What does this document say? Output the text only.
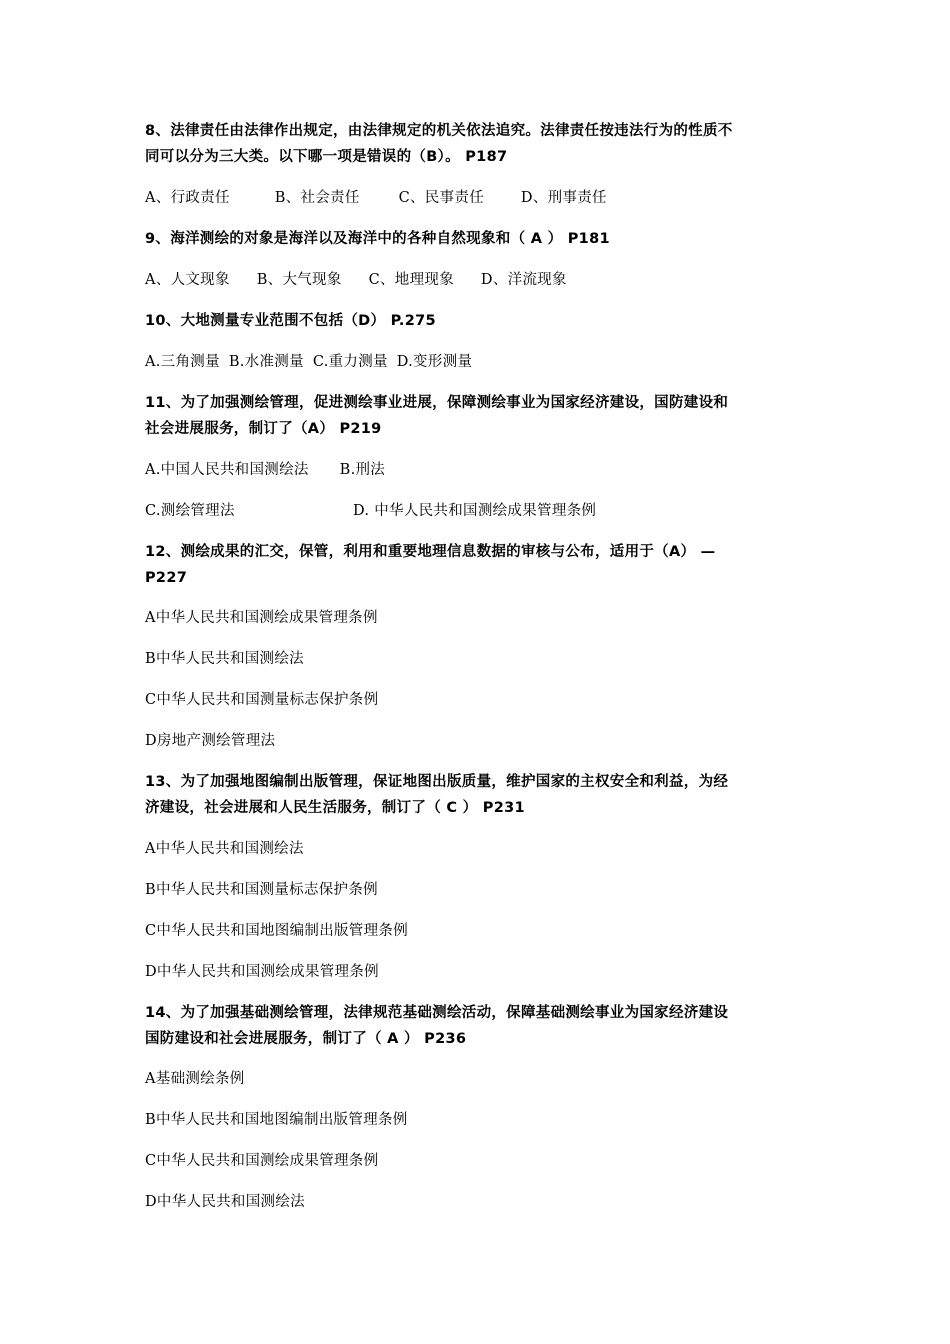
8、法律责任由法律作出规定，由法律规定的机关依法追究。法律责任按违法行为的性质不
同可以分为三大类。以下哪一项是错误的（B）。 P187
A、行政责任	B、社会责任	C、民事责任	D、刑事责任
9、海洋测绘的对象是海洋以及海洋中的各种自然现象和（ A ） P181
A、人文现象 B、大气现象 C、地理现象 D、洋流现象
10、大地测量专业范围不包括（D） P.275
A.三角测量 B.水准测量 C.重力测量 D.变形测量
11、为了加强测绘管理，促进测绘事业进展，保障测绘事业为国家经济建设，国防建设和
社会进展服务，制订了（A） P219
A.中国人民共和国测绘法 B.刑法
C.测绘管理法	D. 中华人民共和国测绘成果管理条例
12、测绘成果的汇交，保管，利用和重要地理信息数据的审核与公布，适用于（A） —
P227
A中华人民共和国测绘成果管理条例
B中华人民共和国测绘法
C中华人民共和国测量标志保护条例
D房地产测绘管理法
13、为了加强地图编制出版管理，保证地图出版质量，维护国家的主权安全和利益，为经
济建设，社会进展和人民生活服务，制订了（ C ） P231
A中华人民共和国测绘法
B中华人民共和国测量标志保护条例
C中华人民共和国地图编制出版管理条例
D中华人民共和国测绘成果管理条例
14、为了加强基础测绘管理，法律规范基础测绘活动，保障基础测绘事业为国家经济建设
国防建设和社会进展服务，制订了（ A ） P236
A基础测绘条例
B中华人民共和国地图编制出版管理条例
C中华人民共和国测绘成果管理条例
D中华人民共和国测绘法
